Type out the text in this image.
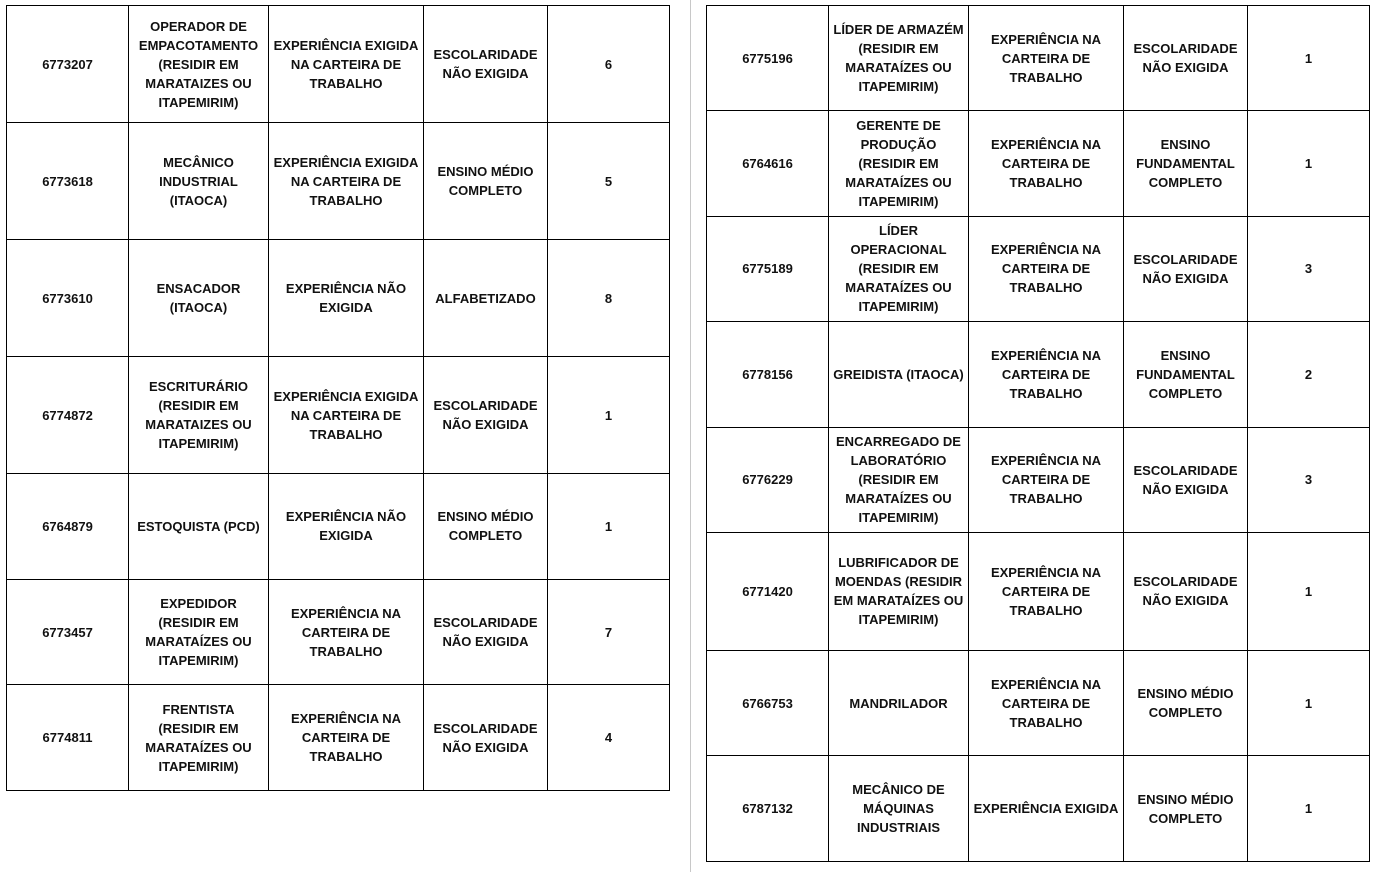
6773207	OPERADOR DE EMPACOTAMENTO (RESIDIR EM MARATAIZES OU ITAPEMIRIM)	EXPERIÊNCIA EXIGIDA NA CARTEIRA DE TRABALHO	ESCOLARIDADE NÃO EXIGIDA	6
6773618	MECÂNICO INDUSTRIAL (ITAOCA)	EXPERIÊNCIA EXIGIDA NA CARTEIRA DE TRABALHO	ENSINO MÉDIO COMPLETO	5
6773610	ENSACADOR (ITAOCA)	EXPERIÊNCIA NÃO EXIGIDA	ALFABETIZADO	8
6774872	ESCRITURÁRIO (RESIDIR EM MARATAIZES OU ITAPEMIRIM)	EXPERIÊNCIA EXIGIDA NA CARTEIRA DE TRABALHO	ESCOLARIDADE NÃO EXIGIDA	1
6764879	ESTOQUISTA (PCD)	EXPERIÊNCIA NÃO EXIGIDA	ENSINO MÉDIO COMPLETO	1
6773457	EXPEDIDOR (RESIDIR EM MARATAÍZES OU ITAPEMIRIM)	EXPERIÊNCIA NA CARTEIRA DE TRABALHO	ESCOLARIDADE NÃO EXIGIDA	7
6774811	FRENTISTA (RESIDIR EM MARATAÍZES OU ITAPEMIRIM)	EXPERIÊNCIA NA CARTEIRA DE TRABALHO	ESCOLARIDADE NÃO EXIGIDA	4
6775196	LÍDER DE ARMAZÉM (RESIDIR EM MARATAÍZES OU ITAPEMIRIM)	EXPERIÊNCIA NA CARTEIRA DE TRABALHO	ESCOLARIDADE NÃO EXIGIDA	1
6764616	GERENTE DE PRODUÇÃO (RESIDIR EM MARATAÍZES OU ITAPEMIRIM)	EXPERIÊNCIA NA CARTEIRA DE TRABALHO	ENSINO FUNDAMENTAL COMPLETO	1
6775189	LÍDER OPERACIONAL (RESIDIR EM MARATAÍZES OU ITAPEMIRIM)	EXPERIÊNCIA NA CARTEIRA DE TRABALHO	ESCOLARIDADE NÃO EXIGIDA	3
6778156	GREIDISTA (ITAOCA)	EXPERIÊNCIA NA CARTEIRA DE TRABALHO	ENSINO FUNDAMENTAL COMPLETO	2
6776229	ENCARREGADO DE LABORATÓRIO (RESIDIR EM MARATAÍZES OU ITAPEMIRIM)	EXPERIÊNCIA NA CARTEIRA DE TRABALHO	ESCOLARIDADE NÃO EXIGIDA	3
6771420	LUBRIFICADOR DE MOENDAS (RESIDIR EM MARATAÍZES OU ITAPEMIRIM)	EXPERIÊNCIA NA CARTEIRA DE TRABALHO	ESCOLARIDADE NÃO EXIGIDA	1
6766753	MANDRILADOR	EXPERIÊNCIA NA CARTEIRA DE TRABALHO	ENSINO MÉDIO COMPLETO	1
6787132	MECÂNICO DE MÁQUINAS INDUSTRIAIS	EXPERIÊNCIA EXIGIDA	ENSINO MÉDIO COMPLETO	1
